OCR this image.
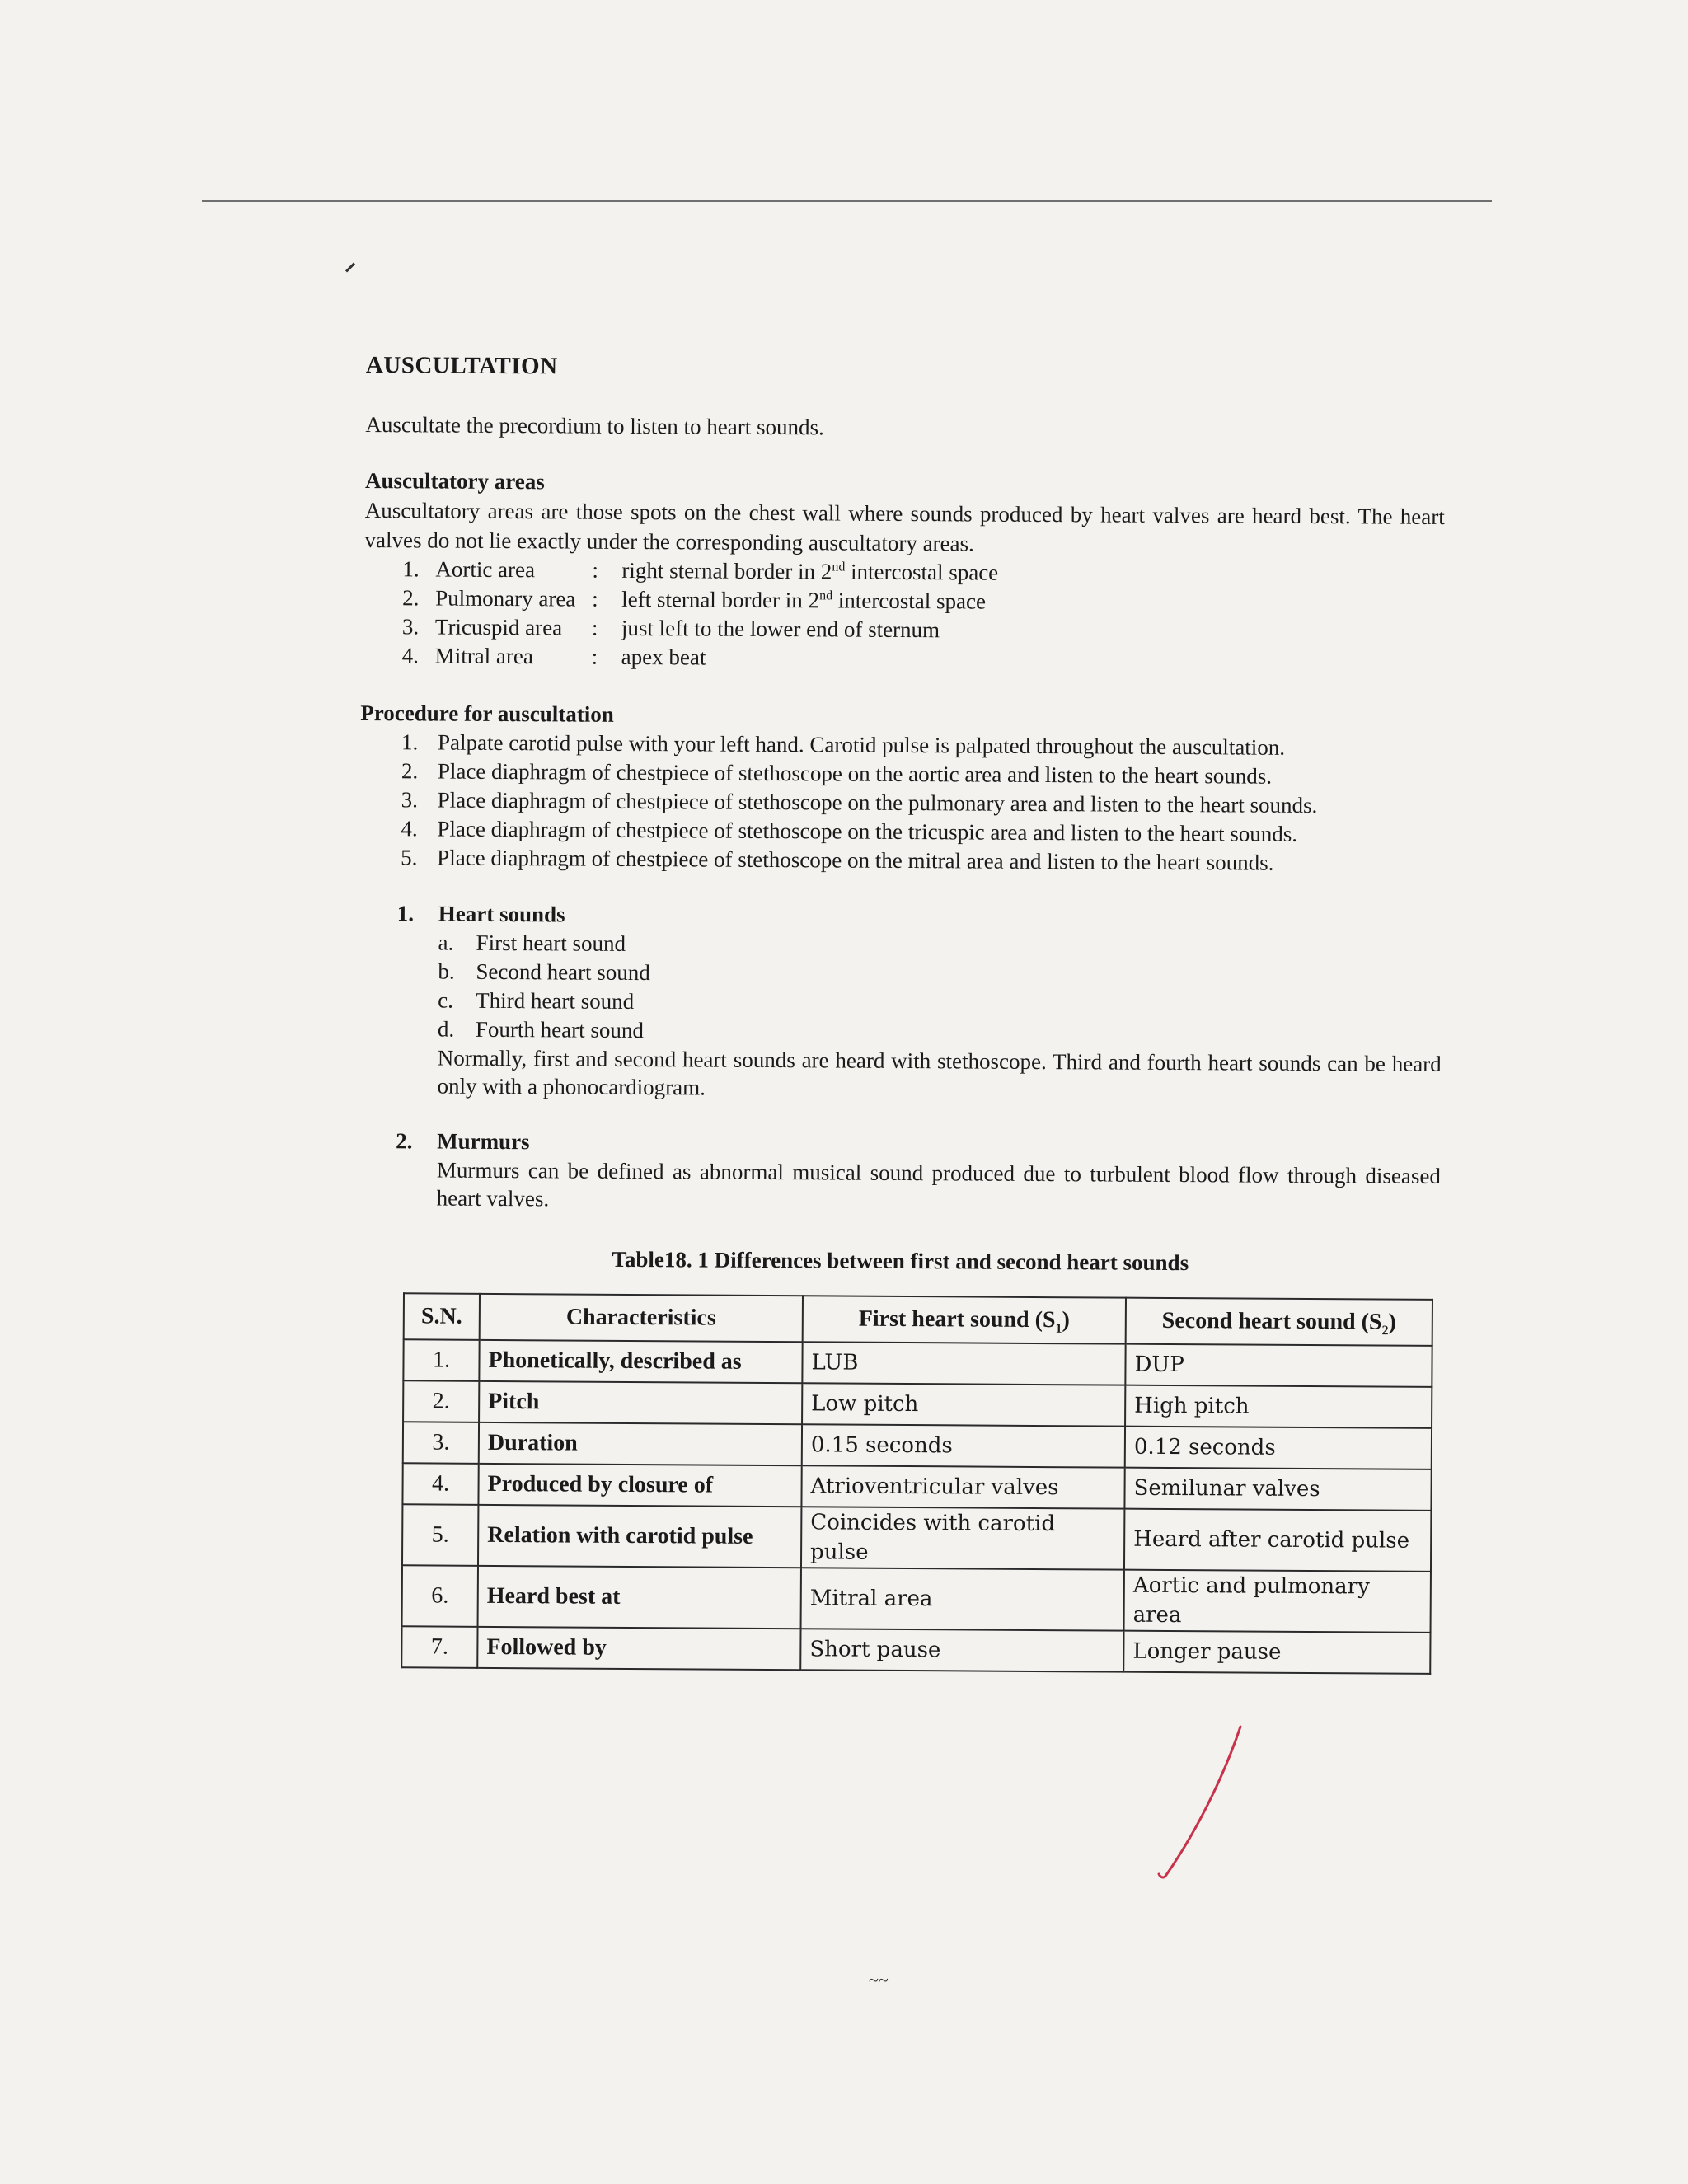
AUSCULTATION
Auscultate the precordium to listen to heart sounds.
Auscultatory areas
Auscultatory areas are those spots on the chest wall where sounds produced by heart valves are heard best. The heart valves do not lie exactly under the corresponding auscultatory areas.
1. Aortic area	:	right sternal border in 2nd intercostal space
2. Pulmonary area :	left sternal border in 2nd intercostal space
3. Tricuspid area	:	just left to the lower end of sternum
4. Mitral area	:	apex beat
Procedure for auscultation
1. Palpate carotid pulse with your left hand. Carotid pulse is palpated throughout the auscultation.
2. Place diaphragm of chestpiece of stethoscope on the aortic area and listen to the heart sounds.
3. Place diaphragm of chestpiece of stethoscope on the pulmonary area and listen to the heart sounds.
4. Place diaphragm of chestpiece of stethoscope on the tricuspic area and listen to the heart sounds.
5. Place diaphragm of chestpiece of stethoscope on the mitral area and listen to the heart sounds.
1.	Heart sounds
a.	First heart sound
b. Second heart sound
c.	Third heart sound
d. Fourth heart sound
Normally, first and second heart sounds are heard with stethoscope. Third and fourth heart sounds can be heard only with a phonocardiogram.
2.	Murmurs
Murmurs can be defined as abnormal musical sound produced due to turbulent blood flow through diseased heart valves.
Table18. 1 Differences between first and second heart sounds
S.N.	Characteristics	First heart sound $(S_1)$	Second heart sound $(S_2)$
1.	Phonetically, described as	LUB	DUP
2.	Pitch	Low pitch	High pitch
3.	Duration	0.15 seconds	0.12 seconds
4.	Produced by closure of	Atrioventricular valves	Semilunar valves
5.	Relation with carotid pulse	Coincides with carotid pulse	Heard after carotid pulse
6.	Heard best at	Mitral area	Aortic and pulmonary area
7.	Followed by	Short pause	Longer pause
~~
